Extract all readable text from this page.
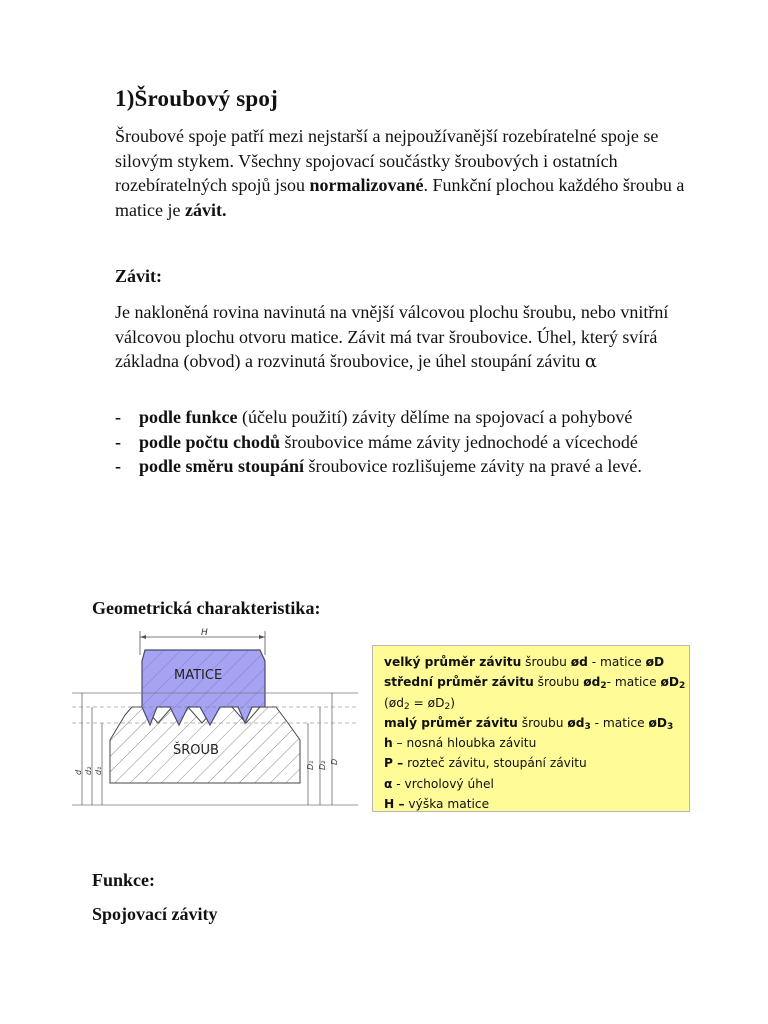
1)Šroubový spoj

Šroubové spoje patří mezi nejstarší a nejpoužívanější rozebíratelné spoje se silovým stykem. Všechny spojovací součástky šroubových i ostatních rozebíratelných spojů jsou normalizované. Funkční plochou každého šroubu a matice je závit.

Závit:

Je nakloněná rovina navinutá na vnější válcovou plochu šroubu, nebo vnitřní válcovou plochu otvoru matice. Závit má tvar šroubovice. Úhel, který svírá základna (obvod) a rozvinutá šroubovice, je úhel stoupání závitu α

- podle funkce (účelu použití) závity dělíme na spojovací a pohybové
- podle počtu chodů šroubovice máme závity jednochodé a vícechodé
- podle směru stoupání šroubovice rozlišujeme závity na pravé a levé.

Geometrická charakteristika:

H
ŠROUB
MATICE
d d₂ d₁
D₁ D₂ D
velký průměr závitu šroubu ød - matice øD
střední průměr závitu šroubu $ød_2-$ matice $øD_2$
($ød_2$ = $øD_2$)
malý průměr závitu šroubu $ød_3$ - matice $øD_3$
h – nosná hloubka závitu
P – rozteč závitu, stoupání závitu
α - vrcholový úhel
H – výška matice

Funkce:

Spojovací závity
